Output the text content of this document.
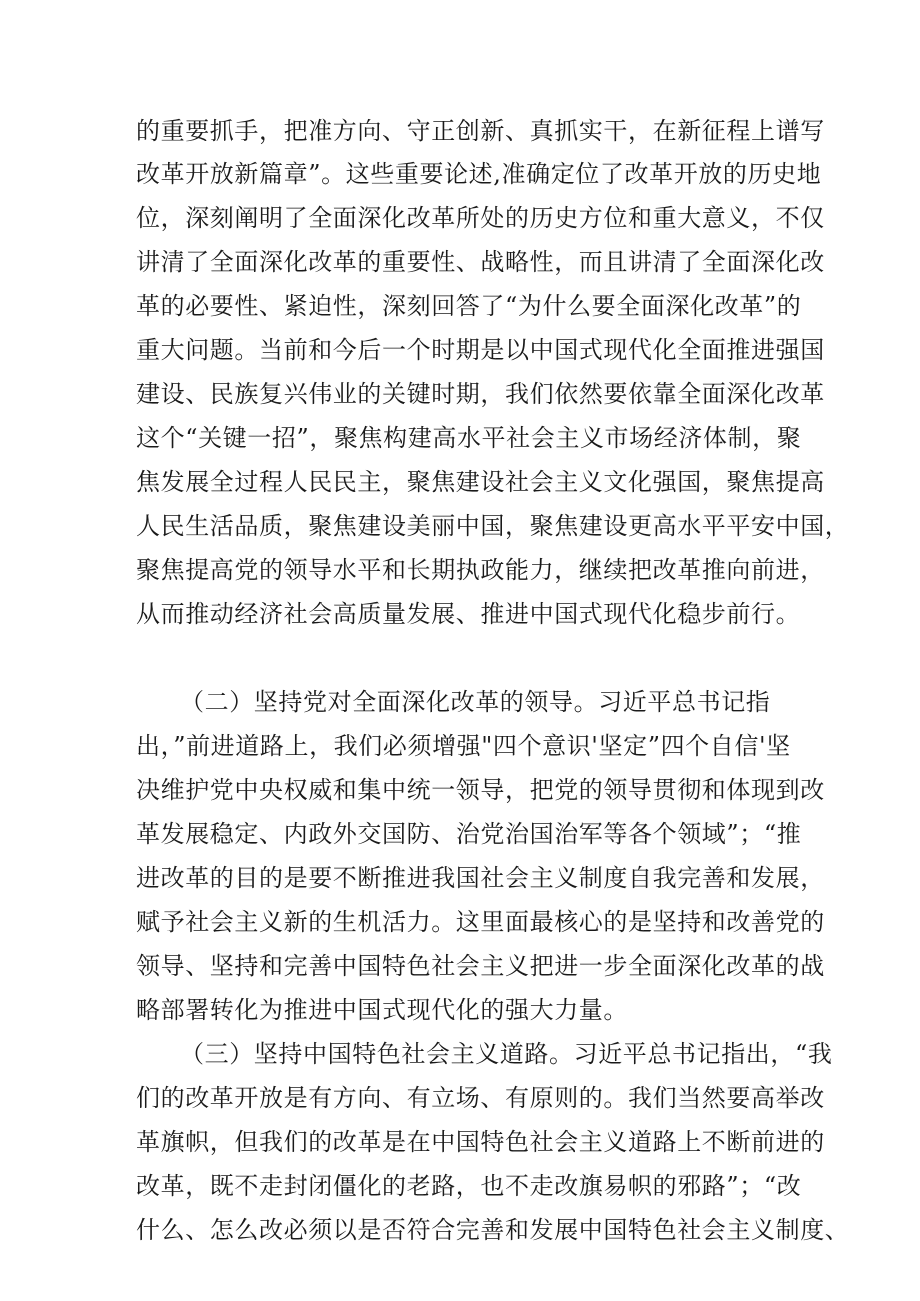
的重要抓手，把准方向、守正创新、真抓实干，在新征程上谱写
改革开放新篇章”。这些重要论述,准确定位了改革开放的历史地
位，深刻阐明了全面深化改革所处的历史方位和重大意义，不仅
讲清了全面深化改革的重要性、战略性，而且讲清了全面深化改
革的必要性、紧迫性，深刻回答了“为什么要全面深化改革”的
重大问题。当前和今后一个时期是以中国式现代化全面推进强国
建设、民族复兴伟业的关键时期，我们依然要依靠全面深化改革
这个“关键一招”，聚焦构建高水平社会主义市场经济体制，聚
焦发展全过程人民民主，聚焦建设社会主义文化强国，聚焦提高
人民生活品质，聚焦建设美丽中国，聚焦建设更高水平平安中国，
聚焦提高党的领导水平和长期执政能力，继续把改革推向前进，
从而推动经济社会高质量发展、推进中国式现代化稳步前行。
（二）坚持党对全面深化改革的领导。习近平总书记指
出，”前进道路上，我们必须增强"四个意识'坚定”四个自信'坚
决维护党中央权威和集中统一领导，把党的领导贯彻和体现到改
革发展稳定、内政外交国防、治党治国治军等各个领域”；“推
进改革的目的是要不断推进我国社会主义制度自我完善和发展，
赋予社会主义新的生机活力。这里面最核心的是坚持和改善党的
领导、坚持和完善中国特色社会主义把进一步全面深化改革的战
略部署转化为推进中国式现代化的强大力量。
（三）坚持中国特色社会主义道路。习近平总书记指出，“我
们的改革开放是有方向、有立场、有原则的。我们当然要高举改
革旗帜，但我们的改革是在中国特色社会主义道路上不断前进的
改革，既不走封闭僵化的老路，也不走改旗易帜的邪路”；“改
什么、怎么改必须以是否符合完善和发展中国特色社会主义制度、
